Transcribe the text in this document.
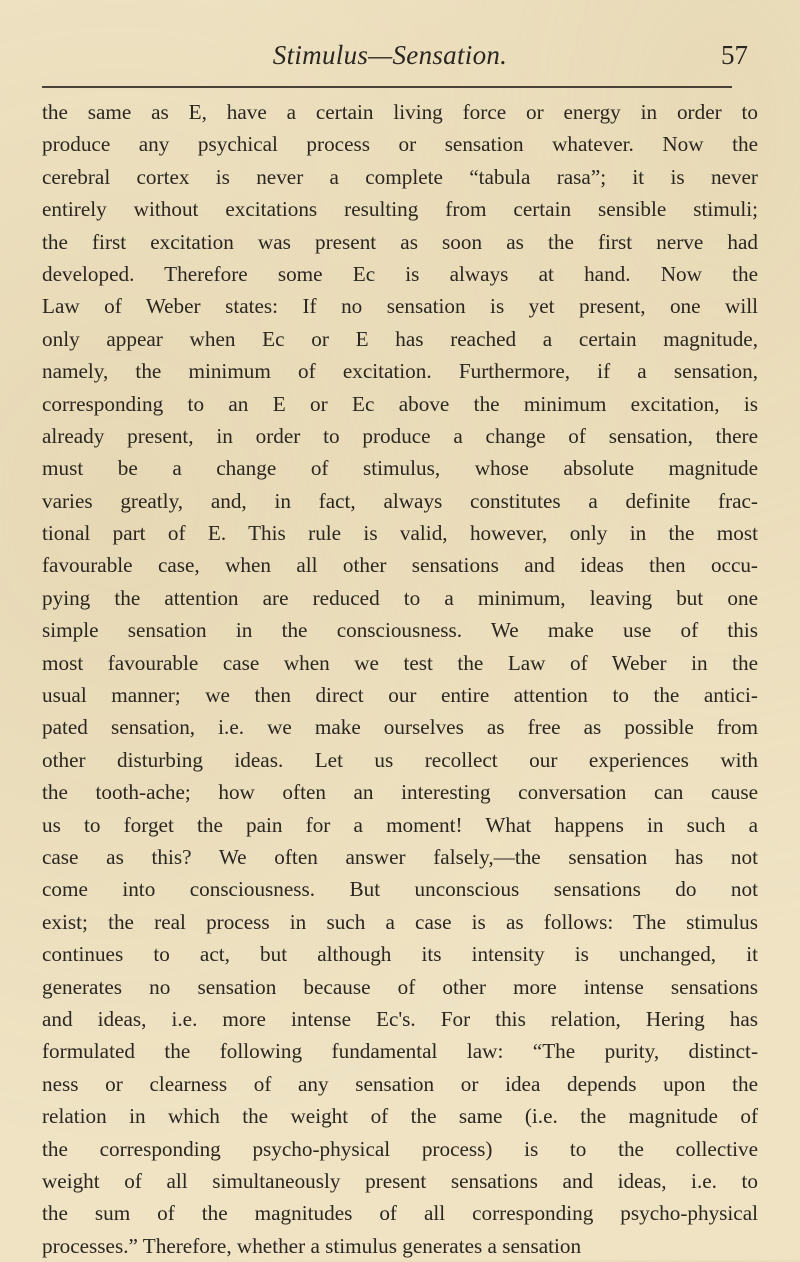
Stimulus—Sensation.	57
the same as E, have a certain living force or energy in order to
produce any psychical process or sensation whatever. Now the
cerebral cortex is never a complete “tabula rasa”; it is never
entirely without excitations resulting from certain sensible stimuli;
the first excitation was present as soon as the first nerve had
developed. Therefore some Ec is always at hand. Now the
Law of Weber states: If no sensation is yet present, one will
only appear when Ec or E has reached a certain magnitude,
namely, the minimum of excitation. Furthermore, if a sensation,
corresponding to an E or Ec above the minimum excitation, is
already present, in order to produce a change of sensation, there
must be a change of stimulus, whose absolute magnitude
varies greatly, and, in fact, always constitutes a definite frac-
tional part of E. This rule is valid, however, only in the most
favourable case, when all other sensations and ideas then occu-
pying the attention are reduced to a minimum, leaving but one
simple sensation in the consciousness. We make use of this
most favourable case when we test the Law of Weber in the
usual manner; we then direct our entire attention to the antici-
pated sensation, i.e. we make ourselves as free as possible from
other disturbing ideas. Let us recollect our experiences with
the tooth-ache; how often an interesting conversation can cause
us to forget the pain for a moment! What happens in such a
case as this? We often answer falsely,—the sensation has not
come into consciousness. But unconscious sensations do not
exist; the real process in such a case is as follows: The stimulus
continues to act, but although its intensity is unchanged, it
generates no sensation because of other more intense sensations
and ideas, i.e. more intense Ec's. For this relation, Hering has
formulated the following fundamental law: “The purity, distinct-
ness or clearness of any sensation or idea depends upon the
relation in which the weight of the same (i.e. the magnitude of
the corresponding psycho-physical process) is to the collective
weight of all simultaneously present sensations and ideas, i.e. to
the sum of the magnitudes of all corresponding psycho-physical
processes.” Therefore, whether a stimulus generates a sensation
